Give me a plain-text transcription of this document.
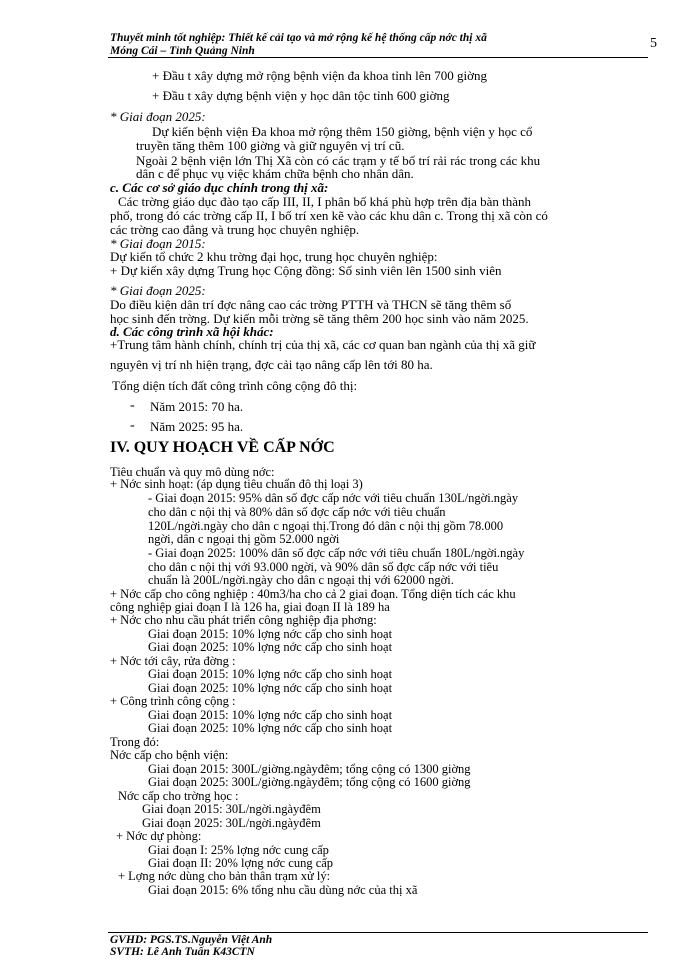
Thuyết minh tốt nghiệp: Thiết kế cải tạo và mở rộng kế hệ thống cấp nớc thị xã
Móng Cái – Tỉnh Quảng Ninh	5
+ Đầu t xây dựng mở rộng bệnh viện đa khoa tỉnh lên 700 giờng
+ Đầu t xây dựng bệnh viện y học dân tộc tỉnh 600 giờng
* Giai đoạn 2025:
Dự kiến bệnh viện Đa khoa mở rộng thêm 150 giờng, bệnh viện y học cổ
truyền tăng thêm 100 giờng và giữ nguyên vị trí cũ.
Ngoài 2 bệnh viện lớn Thị Xã còn có các trạm y tế bố trí rải rác trong các khu
dân c để phục vụ việc khám chữa bệnh cho nhân dân.
c. Các cơ sở giáo dục chính trong thị xã:
Các trờng giáo dục đào tạo cấp III, II, I phân bố khá phù hợp trên địa bàn thành
phố, trong đó các trờng cấp II, I bố trí xen kẽ vào các khu dân c. Trong thị xã còn có
các trờng cao đẳng và trung học chuyên nghiệp.
* Giai đoạn 2015:
Dự kiến tổ chức 2 khu trờng đại học, trung học chuyên nghiệp:
+ Dự kiến xây dựng Trung học Cộng đồng: Số sinh viên lên 1500 sinh viên
* Giai đoạn 2025:
Do điều kiện dân trí đợc nâng cao các trờng PTTH và THCN sẽ tăng thêm số
học sinh đến trờng. Dự kiến mỗi trờng sẽ tăng thêm 200 học sinh vào năm 2025.
d. Các công trình xã hội khác:
+Trung tâm hành chính, chính trị của thị xã, các cơ quan ban ngành của thị xã giữ
nguyên vị trí nh hiện trạng, đợc cải tạo nâng cấp lên tới 80 ha.
Tổng diện tích đất công trình công cộng đô thị:
- Năm 2015: 70 ha.
- Năm 2025: 95 ha.
IV. QUY HOẠCH VỀ CẤP NỚC
Tiêu chuẩn và quy mô dùng nớc:
+ Nớc sinh hoạt: (áp dụng tiêu chuẩn đô thị loại 3)
- Giai đoạn 2015: 95% dân số đợc cấp nớc với tiêu chuẩn 130L/ngời.ngày
cho dân c nội thị và 80% dân số đợc cấp nớc với tiêu chuẩn
120L/ngời.ngày cho dân c ngoại thị.Trong đó dân c nội thị gồm 78.000
ngời, dân c ngoại thị gồm 52.000 ngời
- Giai đoạn 2025: 100% dân số đợc cấp nớc với tiêu chuẩn 180L/ngời.ngày
cho dân c nội thị với 93.000 ngời, và 90% dân số đợc cấp nớc với tiêu
chuẩn là 200L/ngời.ngày cho dân c ngoại thị với 62000 ngời.
+ Nớc cấp cho công nghiệp : 40m3/ha cho cả 2 giai đoạn. Tổng diện tích các khu
công nghiệp giai đoạn I là 126 ha, giai đoạn II là 189 ha
+ Nớc cho nhu cầu phát triển công nghiệp địa phơng:
Giai đoạn 2015: 10% lợng nớc cấp cho sinh hoạt
Giai đoạn 2025: 10% lợng nớc cấp cho sinh hoạt
+ Nớc tới cây, rửa đờng :
Giai đoạn 2015: 10% lợng nớc cấp cho sinh hoạt
Giai đoạn 2025: 10% lợng nớc cấp cho sinh hoạt
+ Công trình công cộng :
Giai đoạn 2015: 10% lợng nớc cấp cho sinh hoạt
Giai đoạn 2025: 10% lợng nớc cấp cho sinh hoạt
Trong đó:
Nớc cấp cho bệnh viện:
Giai đoạn 2015: 300L/giờng.ngàyđêm; tổng cộng có 1300 giờng
Giai đoạn 2025: 300L/giờng.ngàyđêm; tổng cộng có 1600 giờng
Nớc cấp cho trờng học :
Giai đoạn 2015: 30L/ngời.ngàyđêm
Giai đoạn 2025: 30L/ngời.ngàyđêm
+ Nớc dự phòng:
Giai đoạn I: 25% lợng nớc cung cấp
Giai đoạn II: 20% lợng nớc cung cấp
+ Lợng nớc dùng cho bản thân trạm xử lý:
Giai đoạn 2015: 6% tổng nhu cầu dùng nớc của thị xã
GVHD: PGS.TS.Nguyễn Việt Anh
SVTH: Lê Anh Tuấn K43CTN
